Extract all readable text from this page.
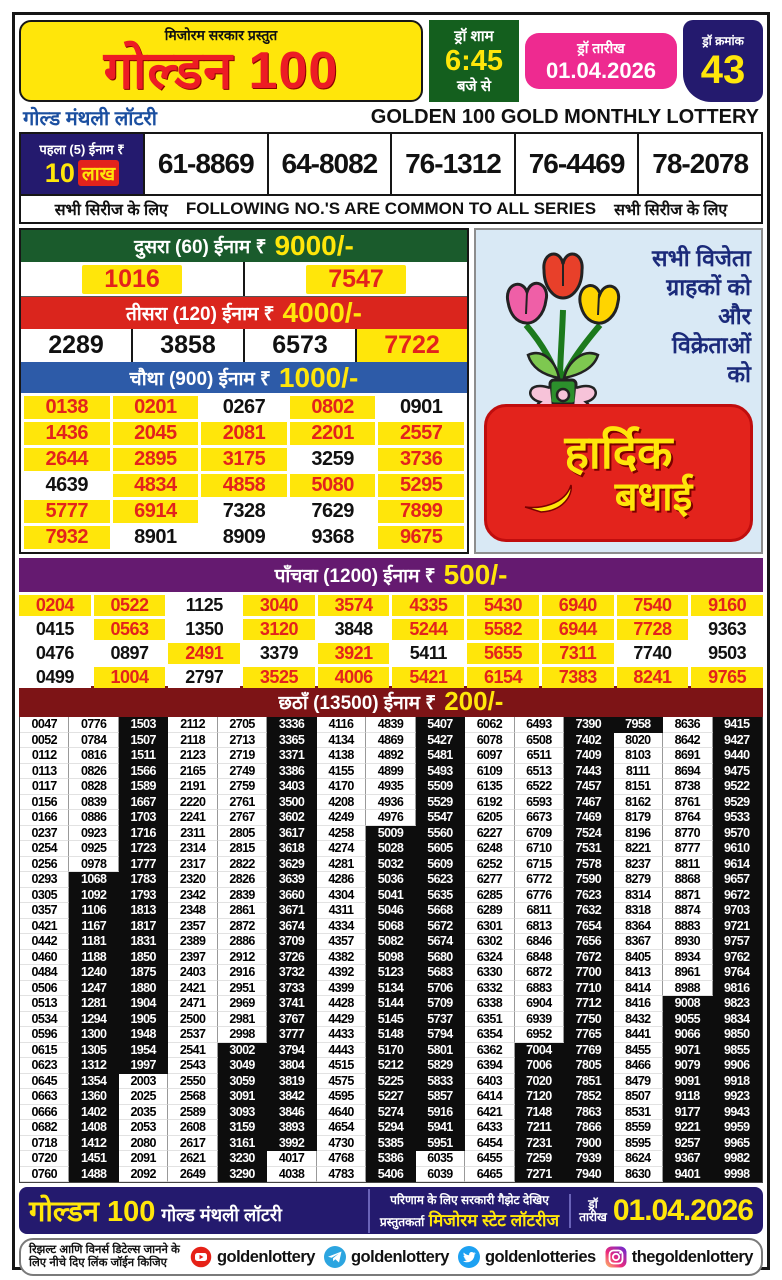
मिजोरम सरकार प्रस्तुत
गोल्डन 100
ड्रॉ शाम
6:45
बजे से
ड्रॉ तारीख
01.04.2026
ड्रॉ क्रमांक
43
गोल्ड मंथली लॉटरी	GOLDEN 100 GOLD MONTHLY LOTTERY
पहला (5) ईनाम ₹
10 लाख	61-8869 64-8082 76-1312 76-4469 78-2078
सभी सिरीज के लिए FOLLOWING NO.'S ARE COMMON TO ALL SERIES सभी सिरीज के लिए
दुसरा (60) ईनाम ₹ 9000/-
1016	7547
तीसरा (120) ईनाम ₹ 4000/-
2289	3858	6573	7722
चौथा (900) ईनाम ₹ 1000/-
0138	0201	0267	0802	0901
1436	2045	2081	2201	2557
2644	2895	3175	3259	3736
4639	4834	4858	5080	5295
5777	6914	7328	7629	7899
7932	8901	8909	9368	9675
सभी विजेता
ग्राहकों को
और
विक्रेताओं
को
हार्दिक
बधाई
पाँचवा (1200) ईनाम ₹ 500/-
0204	0522	1125	3040	3574	4335	5430	6940	7540	9160
0415	0563	1350	3120	3848	5244	5582	6944	7728	9363
0476	0897	2491	3379	3921	5411	5655	7311	7740	9503
0499	1004	2797	3525	4006	5421	6154	7383	8241	9765
छठाँ (13500) ईनाम ₹ 200/-
0047	0776	1503	2112	2705	3336	4116	4839	5407	6062	6493	7390	7958	8636	9415
0052	0784	1507	2118	2713	3365	4134	4869	5427	6078	6508	7402	8020	8642	9427
0112	0816	1511	2123	2719	3371	4138	4892	5481	6097	6511	7409	8103	8691	9440
0113	0826	1566	2165	2749	3386	4155	4899	5493	6109	6513	7443	8111	8694	9475
0117	0828	1589	2191	2759	3403	4170	4935	5509	6135	6522	7457	8151	8738	9522
0156	0839	1667	2220	2761	3500	4208	4936	5529	6192	6593	7467	8162	8761	9529
0166	0886	1703	2241	2767	3602	4249	4976	5547	6205	6673	7469	8179	8764	9533
0237	0923	1716	2311	2805	3617	4258	5009	5560	6227	6709	7524	8196	8770	9570
0254	0925	1723	2314	2815	3618	4274	5028	5605	6248	6710	7531	8221	8777	9610
0256	0978	1777	2317	2822	3629	4281	5032	5609	6252	6715	7578	8237	8811	9614
0293	1068	1783	2320	2826	3639	4286	5036	5623	6277	6772	7590	8279	8868	9657
0305	1092	1793	2342	2839	3660	4304	5041	5635	6285	6776	7623	8314	8871	9672
0357	1106	1813	2348	2861	3671	4311	5046	5668	6289	6811	7632	8318	8874	9703
0421	1167	1817	2357	2872	3674	4334	5068	5672	6301	6813	7654	8364	8883	9721
0442	1181	1831	2389	2886	3709	4357	5082	5674	6302	6846	7656	8367	8930	9757
0460	1188	1850	2397	2912	3726	4382	5098	5680	6324	6848	7672	8405	8934	9762
0484	1240	1875	2403	2916	3732	4392	5123	5683	6330	6872	7700	8413	8961	9764
0506	1247	1880	2421	2951	3733	4399	5134	5706	6332	6883	7710	8414	8988	9816
0513	1281	1904	2471	2969	3741	4428	5144	5709	6338	6904	7712	8416	9008	9823
0534	1294	1905	2500	2981	3767	4429	5145	5737	6351	6939	7750	8432	9055	9834
0596	1300	1948	2537	2998	3777	4433	5148	5794	6354	6952	7765	8441	9066	9850
0615	1305	1954	2541	3002	3794	4443	5170	5801	6362	7004	7769	8455	9071	9855
0623	1312	1997	2543	3049	3804	4515	5212	5829	6394	7006	7805	8466	9079	9906
0645	1354	2003	2550	3059	3819	4575	5225	5833	6403	7020	7851	8479	9091	9918
0663	1360	2025	2568	3091	3842	4595	5227	5857	6414	7120	7852	8507	9118	9923
0666	1402	2035	2589	3093	3846	4640	5274	5916	6421	7148	7863	8531	9177	9943
0682	1408	2053	2608	3159	3893	4654	5294	5941	6433	7211	7866	8559	9221	9959
0718	1412	2080	2617	3161	3992	4730	5385	5951	6454	7231	7900	8595	9257	9965
0720	1451	2091	2621	3230	4017	4768	5386	6035	6455	7259	7939	8624	9367	9982
0760	1488	2092	2649	3290	4038	4783	5406	6039	6465	7271	7940	8630	9401	9998
गोल्डन 100 गोल्ड मंथली लॉटरी
परिणाम के लिए सरकारी गैझेट देखिए
प्रस्तुतकर्ता मिजोरम स्टेट लॉटरीज
ड्रॉ
तारीख 01.04.2026
रिझल्ट आणि विनर्स डिटेल्स जानने के
लिए नीचे दिए लिंक जॉईन किजिए	goldenlottery goldenlottery goldenlotteries thegoldenlottery
